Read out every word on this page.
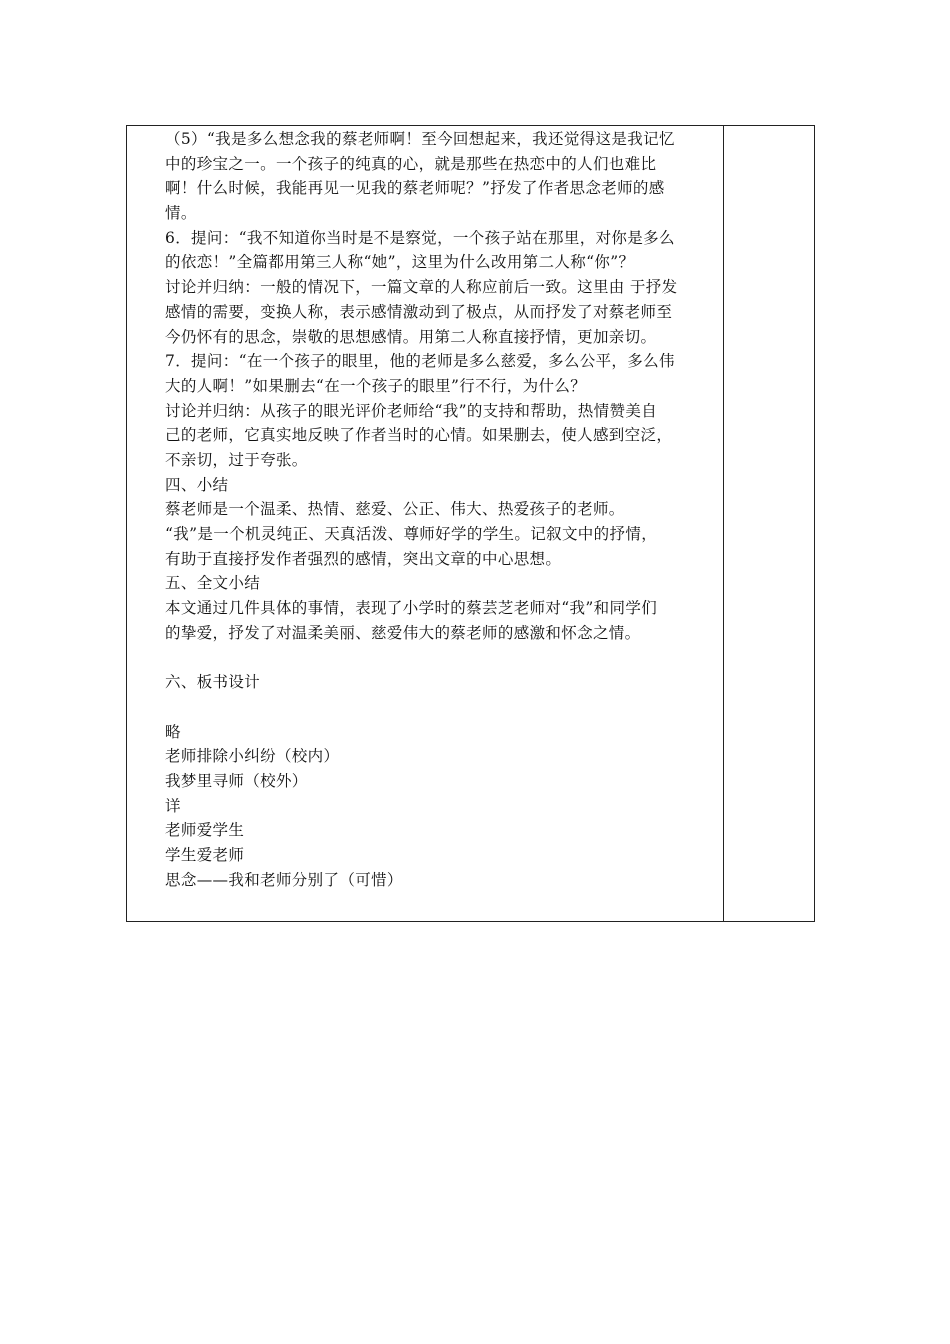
（5）“我是多么想念我的蔡老师啊！至今回想起来，我还觉得这是我记忆
中的珍宝之一。一个孩子的纯真的心，就是那些在热恋中的人们也难比
啊！什么时候，我能再见一见我的蔡老师呢？”抒发了作者思念老师的感
情。
6．提问：“我不知道你当时是不是察觉，一个孩子站在那里，对你是多么
的依恋！”全篇都用第三人称“她”，这里为什么改用第二人称“你”？
讨论并归纳：一般的情况下，一篇文章的人称应前后一致。这里由 于抒发
感情的需要，变换人称，表示感情激动到了极点，从而抒发了对蔡老师至
今仍怀有的思念，崇敬的思想感情。用第二人称直接抒情，更加亲切。
7．提问：“在一个孩子的眼里，他的老师是多么慈爱，多么公平，多么伟
大的人啊！”如果删去“在一个孩子的眼里”行不行，为什么？
讨论并归纳：从孩子的眼光评价老师给“我”的支持和帮助，热情赞美自
己的老师，它真实地反映了作者当时的心情。如果删去，使人感到空泛，
不亲切，过于夸张。
四、小结
蔡老师是一个温柔、热情、慈爱、公正、伟大、热爱孩子的老师。
“我”是一个机灵纯正、天真活泼、尊师好学的学生。记叙文中的抒情，
有助于直接抒发作者强烈的感情，突出文章的中心思想。
五、全文小结
本文通过几件具体的事情，表现了小学时的蔡芸芝老师对“我”和同学们
的挚爱，抒发了对温柔美丽、慈爱伟大的蔡老师的感激和怀念之情。
六、板书设计
略
老师排除小纠纷（校内）
我梦里寻师（校外）
详
老师爱学生
学生爱老师
思念——我和老师分别了（可惜）
